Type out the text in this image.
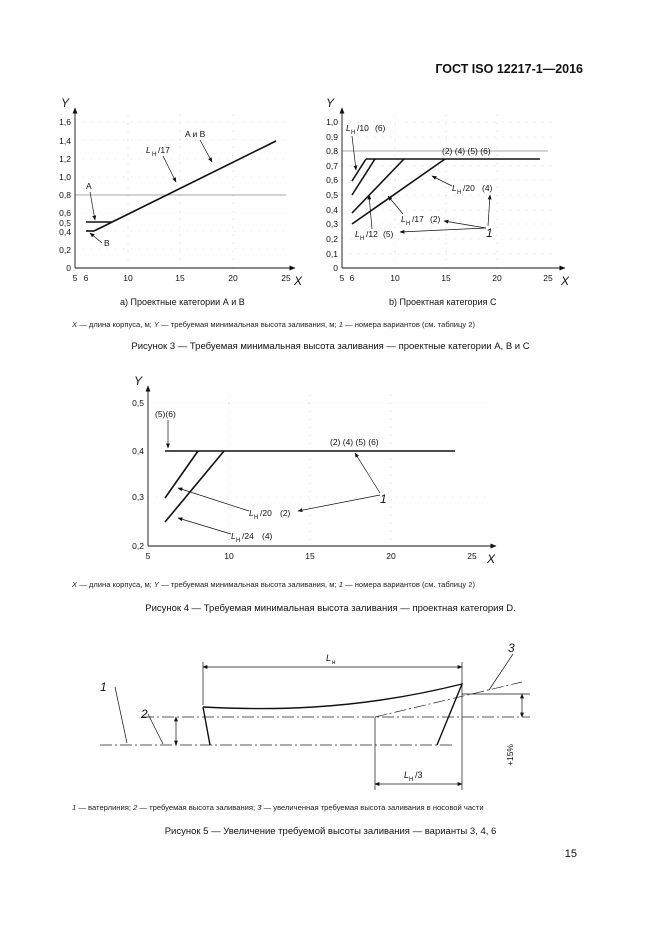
ГОСТ ISO 12217-1—2016
Y
X
0
0,2
0,4
0,5
0,6
0,8
1,0
1,2
1,4
1,6
5 6	10	15	20	25
L H /17
A и B
A
B
Y
X
0
0,1
0,2
0,3
0,4
0,5
0,6
0,7
0,8
0,9
1,0
5 6	10	15	20	25
L H /10 (6)
(2) (4) (5) (6)
L H /20 (4)
L H /17 (2)
L H /12 (5)	1
Y
X
0,2
0,3
0,4
0,5
5	10	15	20	25
(5)(6)
(2) (4) (5) (6)
L H /20 (2)
L H /24 (4)
1
L н
L H /3
+15%
1
2
3
а) Проектные категории А и В	b) Проектная категория С
X — длина корпуса, м; Y — требуемая минимальная высота заливания, м; 1 — номера вариантов (см. таблицу 2)
Рисунок 3 — Требуемая минимальная высота заливания — проектные категории А, В и С
X — длина корпуса, м; Y — требуемая минимальная высота заливания, м; 1 — номера вариантов (см. таблицу 2)
Рисунок 4 — Требуемая минимальная высота заливания — проектная категория D.
1 — ватерлиния; 2 — требуемая высота заливания; 3 — увеличенная требуемая высота заливания в носовой части
Рисунок 5 — Увеличение требуемой высоты заливания — варианты 3, 4, 6
15
